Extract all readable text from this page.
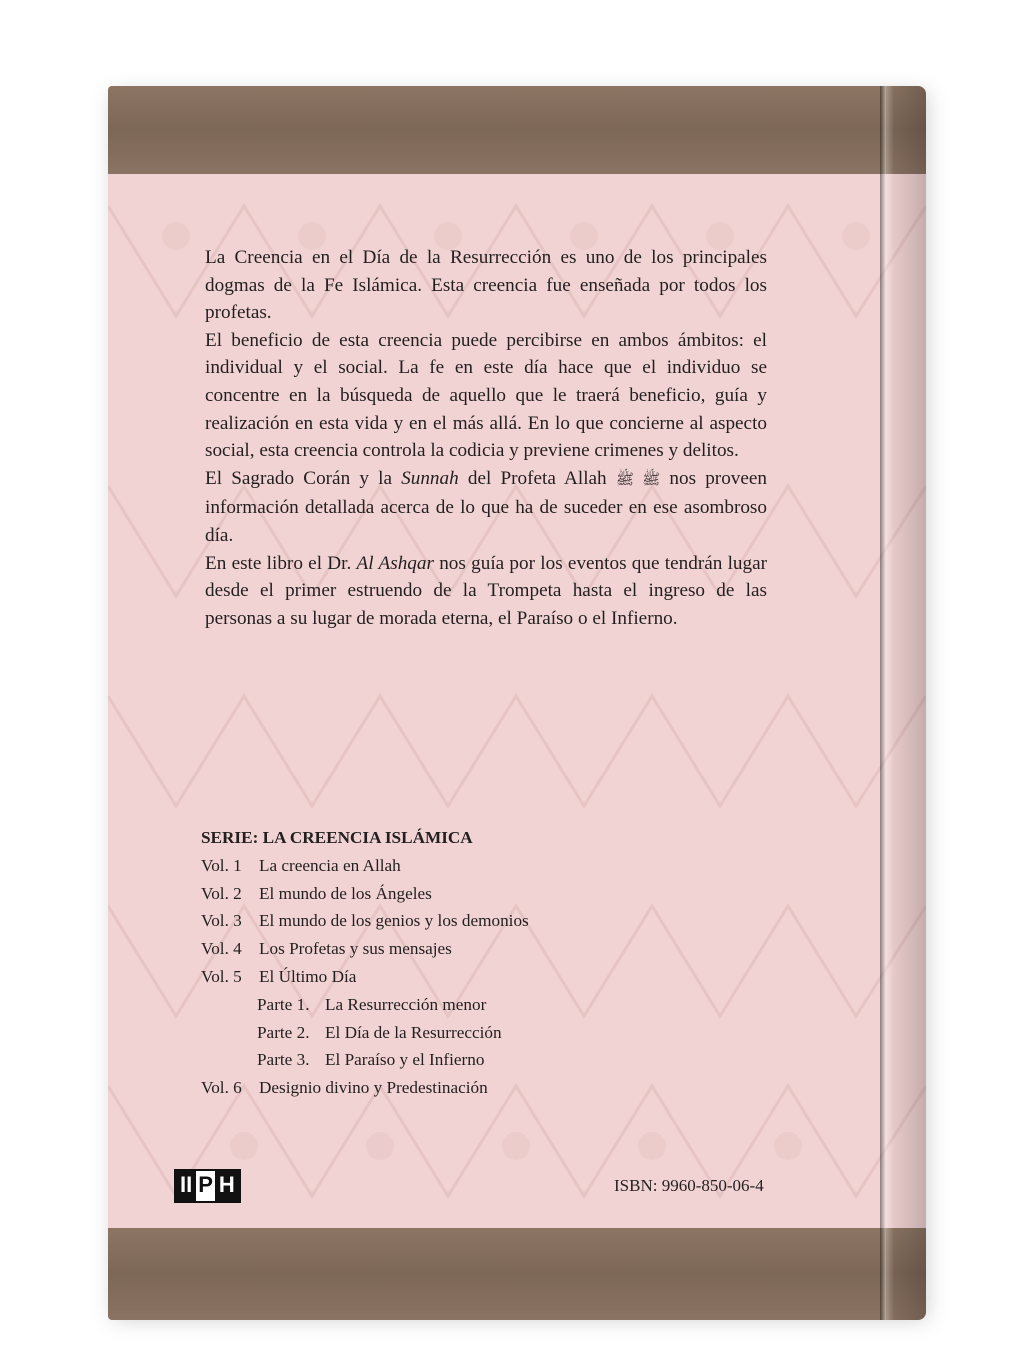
La Creencia en el Día de la Resurrección es uno de los principales dogmas de la Fe Islámica. Esta creencia fue enseñada por todos los profetas.

El beneficio de esta creencia puede percibirse en ambos ámbitos: el individual y el social. La fe en este día hace que el individuo se concentre en la búsqueda de aquello que le traerá beneficio, guía y realización en esta vida y en el más allá. En lo que concierne al aspecto social, esta creencia controla la codicia y previene crimenes y delitos.

El Sagrado Corán y la Sunnah del Profeta Allah ﷺ ﷺ nos proveen información detallada acerca de lo que ha de suceder en ese asombroso día.

En este libro el Dr. Al Ashqar nos guía por los eventos que tendrán lugar desde el primer estruendo de la Trompeta hasta el ingreso de las personas a su lugar de morada eterna, el Paraíso o el Infierno.

SERIE: LA CREENCIA ISLÁMICA
Vol. 1 La creencia en Allah
Vol. 2 El mundo de los Ángeles
Vol. 3 El mundo de los genios y los demonios
Vol. 4 Los Profetas y sus mensajes
Vol. 5 El Último Día
Parte 1. La Resurrección menor
Parte 2. El Día de la Resurrección
Parte 3. El Paraíso y el Infierno
Vol. 6 Designio divino y Predestinación
II P H	ISBN: 9960-850-06-4
